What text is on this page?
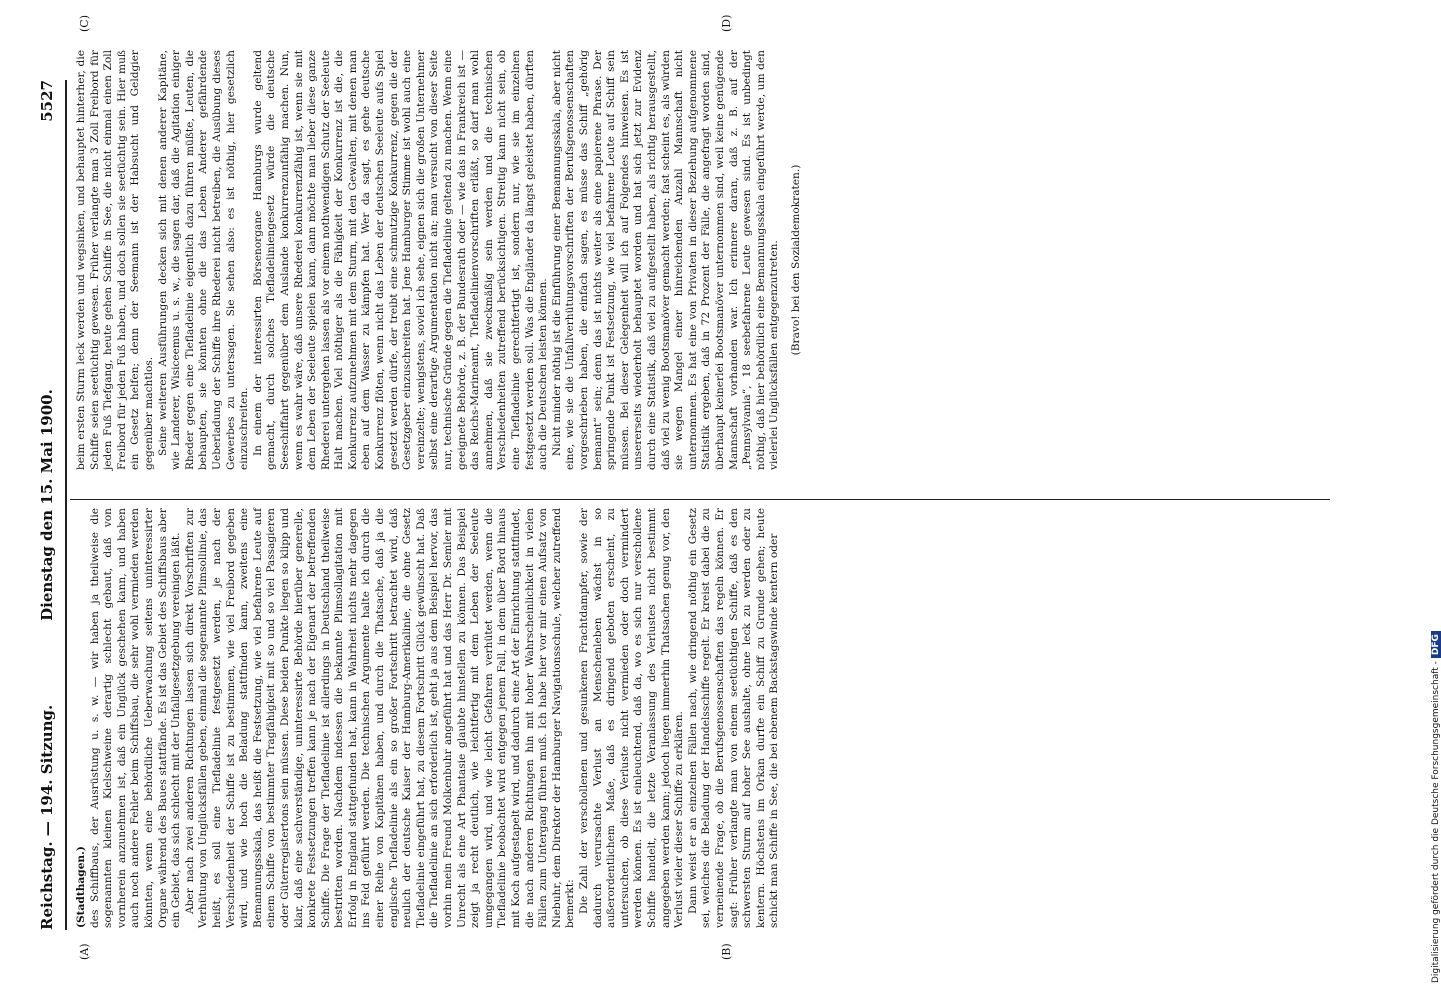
Reichstag. — 194. Sitzung.
Dienstag den 15. Mai 1900.
5527
(A)	(B)
(C)	(D)

(Stadthagen.) des Schiffbaus, der Ausrüstung u. s. w. — wir haben ja theilweise die sogenannten kleinen Kielschweine derartig schlecht gebaut, daß von vornherein anzunehmen ist, daß ein Unglück geschehen kann, und haben auch noch andere Fehler beim Schiffsbau, die sehr wohl vermieden werden könnten, wenn eine behördliche Ueberwachung seitens uninteressirter Organe während des Baues stattfände. Es ist das Gebiet des Schiffsbaus aber ein Gebiet, das sich schlecht mit der Unfallgesetzgebung vereinigen läßt. Aber nach zwei anderen Richtungen lassen sich direkt Vorschriften zur Verhütung von Unglücksfällen geben, einmal die sogenannte Plimsollinie, das heißt, es soll eine Tiefladelinie festgesetzt werden, je nach der Verschiedenheit der Schiffe ist zu bestimmen, wie viel Freibord gegeben wird, und wie hoch die Beladung stattfinden kann, zweitens eine Bemannungsskala, das heißt die Festsetzung, wie viel befahrene Leute auf einem Schiffe von bestimmter Tragfähigkeit mit so und so viel Passagieren oder Güterregistertons sein müssen. Diese beiden Punkte liegen so klipp und klar, daß eine sachverständige, uninteressirte Behörde hierüber generelle, konkrete Festsetzungen treffen kann je nach der Eigenart der betreffenden Schiffe. Die Frage der Tiefladelinie ist allerdings in Deutschland theilweise bestritten worden. Nachdem indessen die bekannte Plimsollagitation mit Erfolg in England stattgefunden hat, kann in Wahrheit nichts mehr dagegen ins Feld geführt werden. Die technischen Argumente halte ich durch die einer Reihe von Kapitänen haben, und durch die Thatsache, daß ja die englische Tiefladelinie als ein so großer Fortschritt betrachtet wird, daß neulich der deutsche Kaiser der Hamburg-Amerikalinie, die ohne Gesetz Tiefladelinie eingeführt hat, zu diesem Fortschritt Glück gewünscht hat. Daß die Tiefladelinie an sich erforderlich ist, geht ja aus dem Beispiel hervor, das vorhin mein Freund Molkenbuhr angeführt hat und das Herr Dr. Semler mit Unrecht als eine Art Phantasie glaubte hinstellen zu können. Das Beispiel zeigt ja recht deutlich, wie leichtfertig mit dem Leben der Seeleute umgegangen wird, und wie leicht Gefahren verhütet werden, wenn die Tiefladelinie beobachtet wird entgegen jenem Fall, in dem über Bord hinaus mit Koch aufgestapelt wird, und dadurch eine Art der Einrichtung stattfindet, die nach anderen Richtungen hin mit hoher Wahrscheinlichkeit in vielen Fällen zum Untergang führen muß. Ich habe hier vor mir einen Aufsatz von Niebuhr, dem Direktor der Hamburger Navigationsschule, welcher zutreffend bemerkt: Die Zahl der verschollenen und gesunkenen Frachtdampfer, sowie der dadurch verursachte Verlust an Menschenleben wächst in so außerordentlichem Maße, daß es dringend geboten erscheint, zu untersuchen, ob diese Verluste nicht vermieden oder doch vermindert werden können. Es ist einleuchtend, daß da, wo es sich nur verschollene Schiffe handelt, die letzte Veranlassung des Verlustes nicht bestimmt angegeben werden kann; jedoch liegen immerhin Thatsachen genug vor, den Verlust vieler dieser Schiffe zu erklären. Dann weist er an einzelnen Fällen nach, wie dringend nöthig ein Gesetz sei, welches die Beladung der Handelsschiffe regelt. Er kreist dabei die zu verneinende Frage, ob die Berufsgenossenschaften das regeln können. Er sagt: Früher verlangte man von einem seetüchtigen Schiffe, daß es den schwersten Sturm auf hoher See aushalte, ohne leck zu werden oder zu kentern. Höchstens im Orkan durfte ein Schiff zu Grunde gehen; heute schickt man Schiffe in See, die bei ebenem Backstagswinde kentern oder

beim ersten Sturm leck werden und wegsinken, und behauptet hinterher, die Schiffe seien seetüchtig gewesen. Früher verlangte man 3 Zoll Freibord für jeden Fuß Tiefgang, heute gehen Schiffe in See, die nicht einmal einen Zoll Freibord für jeden Fuß haben, und doch sollen sie seetüchtig sein. Hier muß ein Gesetz helfen; denn der Seemann ist der Habsucht und Geldgier gegenüber machtlos. Seine weiteren Ausführungen decken sich mit denen anderer Kapitäne, wie Landerer, Wisiceemus u. s. w., die sagen dar, daß die Agitation einiger Rheder gegen eine Tiefladelinie eigentlich dazu führen müßte, Leuten, die behaupten, sie könnten ohne die das Leben Anderer gefährdende Ueberladung der Schiffe ihre Rhederei nicht betreiben, die Ausübung dieses Gewerbes zu untersagen. Sie sehen also: es ist nöthig, hier gesetzlich einzuschreiten. In einem der interessirten Börsenorgane Hamburgs wurde geltend gemacht, durch solches Tiefladeliniengesetz würde die deutsche Seeschiffahrt gegenüber dem Auslande konkurrenzunfähig machen. Nun, wenn es wahr wäre, daß unsere Rhederei konkurrenzfähig ist, wenn sie mit dem Leben der Seeleute spielen kann, dann möchte man lieber diese ganze Rhederei untergehen lassen als vor einem nothwendigen Schutz der Seeleute Halt machen. Viel nöthiger als die Fähigkeit der Konkurrenz ist die, die Konkurrenz aufzunehmen mit dem Sturm, mit den Gewalten, mit denen man eben auf dem Wasser zu kämpfen hat. Wer da sagt, es gehe deutsche Konkurrenz flöten, wenn nicht das Leben der deutschen Seeleute aufs Spiel gesetzt werden dürfe, der treibt eine schmutzige Konkurrenz, gegen die der Gesetzgeber einzuschreiten hat. Jene Hamburger Stimme ist wohl auch eine vereinzelte; wenigstens, soviel ich sehe, eignen sich die großen Unternehmer selbst eine derartige Argumentation nicht an; man versucht von dieser Seite nur, technische Gründe gegen die Tiefladelinie geltend zu machen. Wenn eine geeignete Behörde, z. B. der Bundesrath oder — wie das in Frankreich ist — das Reichs-Marineamt, Tiefladelinienvorschriften erläßt, so darf man wohl annehmen, daß sie zweckmäßig sein werden und die technischen Verschiedenheiten zutreffend berücksichtigen. Streitig kann nicht sein, ob eine Tiefladelinie gerechtfertigt ist, sondern nur, wie sie im einzelnen festgesetzt werden soll. Was die Engländer da längst geleistet haben, dürften auch die Deutschen leisten können. Nicht minder nöthig ist die Einführung einer Bemannungsskala, aber nicht eine, wie sie die Unfallverhütungsvorschriften der Berufsgenossenschaften vorgeschrieben haben, die einfach sagen, es müsse das Schiff „gehörig bemannt“ sein; denn das ist nichts weiter als eine papierene Phrase. Der springende Punkt ist Festsetzung, wie viel befahrene Leute auf Schiff sein müssen. Bei dieser Gelegenheit will ich auf Folgendes hinweisen. Es ist unsererseits wiederholt behauptet worden und hat sich jetzt zur Evidenz durch eine Statistik, daß viel zu aufgestellt haben, als richtig herausgestellt, daß viel zu wenig Bootsmanöver gemacht werden; fast scheint es, als würden sie wegen Mangel einer hinreichenden Anzahl Mannschaft nicht unternommen. Es hat eine von Privaten in dieser Beziehung aufgenommene Statistik ergeben, daß in 72 Prozent der Fälle, die angefragt worden sind, überhaupt keinerlei Bootsmanöver unternommen sind, weil keine genügende Mannschaft vorhanden war. Ich erinnere daran, daß z. B. auf der „Pennsylvania“, 18 seebefahrene Leute gewesen sind. Es ist unbedingt nöthig, daß hier behördlich eine Bemannungsskala eingeführt werde, um den vielerlei Unglücksfällen entgegenzutreten. (Bravo! bei den Sozialdemokraten.)

Digitalisierung gefördert durch die Deutsche Forschungsgemeinschaft -DFG
